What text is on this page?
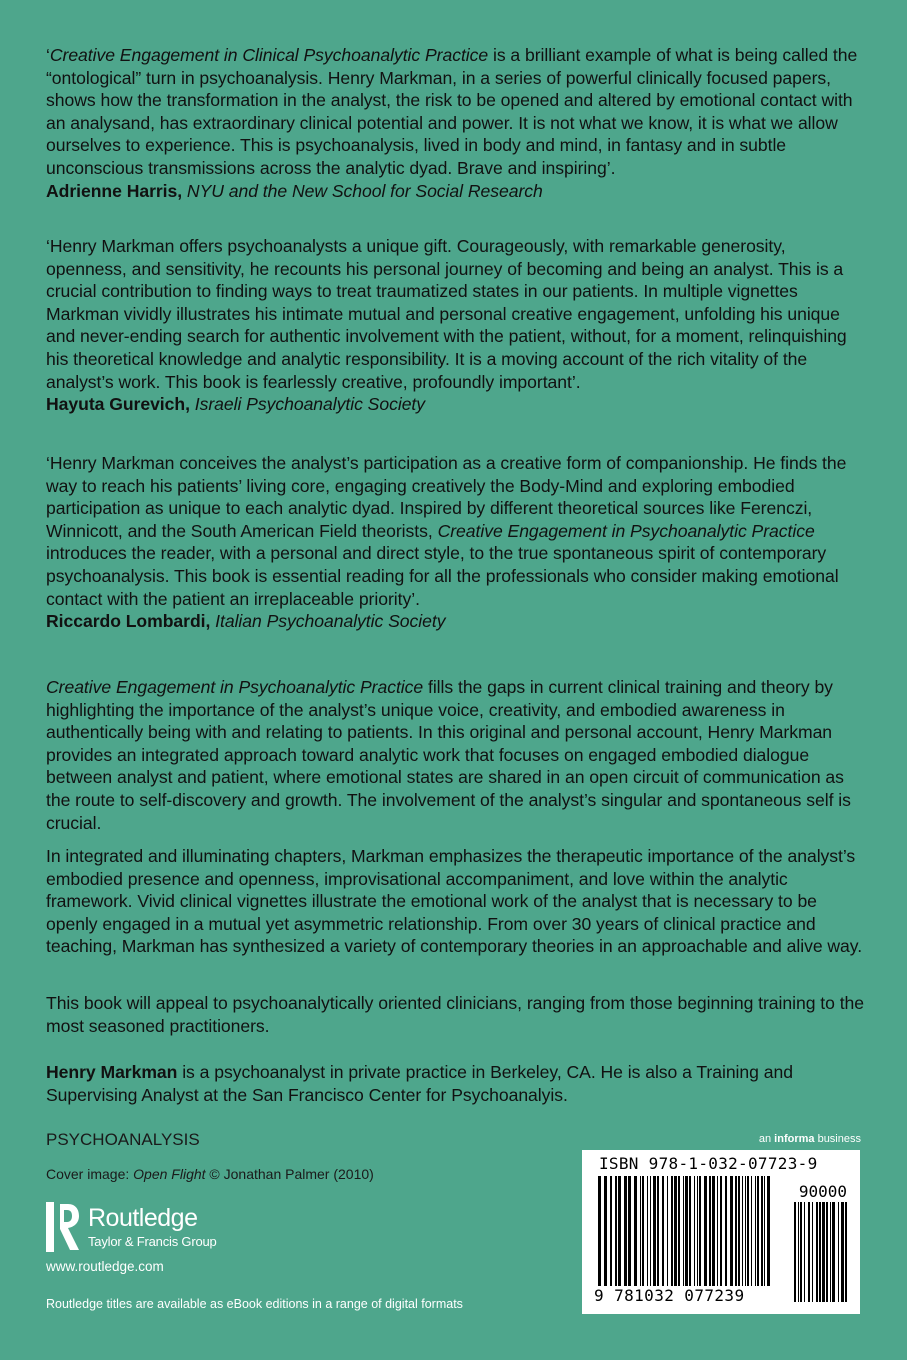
‘Creative Engagement in Clinical Psychoanalytic Practice is a brilliant example of what is being called the “ontological” turn in psychoanalysis. Henry Markman, in a series of powerful clinically focused papers, shows how the transformation in the analyst, the risk to be opened and altered by emotional contact with an analysand, has extraordinary clinical potential and power. It is not what we know, it is what we allow ourselves to experience. This is psychoanalysis, lived in body and mind, in fantasy and in subtle unconscious transmissions across the analytic dyad. Brave and inspiring’.
Adrienne Harris, NYU and the New School for Social Research

‘Henry Markman offers psychoanalysts a unique gift. Courageously, with remarkable generosity, openness, and sensitivity, he recounts his personal journey of becoming and being an analyst. This is a crucial contribution to finding ways to treat traumatized states in our patients. In multiple vignettes Markman vividly illustrates his intimate mutual and personal creative engagement, unfolding his unique and never-ending search for authentic involvement with the patient, without, for a moment, relinquishing his theoretical knowledge and analytic responsibility. It is a moving account of the rich vitality of the analyst’s work. This book is fearlessly creative, profoundly important’.
Hayuta Gurevich, Israeli Psychoanalytic Society

‘Henry Markman conceives the analyst’s participation as a creative form of companionship. He finds the way to reach his patients’ living core, engaging creatively the Body-Mind and exploring embodied participation as unique to each analytic dyad. Inspired by different theoretical sources like Ferenczi, Winnicott, and the South American Field theorists, Creative Engagement in Psychoanalytic Practice introduces the reader, with a personal and direct style, to the true spontaneous spirit of contemporary psychoanalysis. This book is essential reading for all the professionals who consider making emotional contact with the patient an irreplaceable priority’.
Riccardo Lombardi, Italian Psychoanalytic Society

Creative Engagement in Psychoanalytic Practice fills the gaps in current clinical training and theory by highlighting the importance of the analyst’s unique voice, creativity, and embodied awareness in authentically being with and relating to patients. In this original and personal account, Henry Markman provides an integrated approach toward analytic work that focuses on engaged embodied dialogue between analyst and patient, where emotional states are shared in an open circuit of communication as the route to self-discovery and growth. The involvement of the analyst’s singular and spontaneous self is crucial.

In integrated and illuminating chapters, Markman emphasizes the therapeutic importance of the analyst’s embodied presence and openness, improvisational accompaniment, and love within the analytic framework. Vivid clinical vignettes illustrate the emotional work of the analyst that is necessary to be openly engaged in a mutual yet asymmetric relationship. From over 30 years of clinical practice and teaching, Markman has synthesized a variety of contemporary theories in an approachable and alive way.

This book will appeal to psychoanalytically oriented clinicians, ranging from those beginning training to the most seasoned practitioners.

Henry Markman is a psychoanalyst in private practice in Berkeley, CA. He is also a Training and Supervising Analyst at the San Francisco Center for Psychoanalyis.

PSYCHOANALYSIS
Cover image: Open Flight © Jonathan Palmer (2010)
Routledge
Taylor & Francis Group
www.routledge.com
Routledge titles are available as eBook editions in a range of digital formats
an informa business
ISBN 978-1-032-07723-9
90000
9 781032 077239
